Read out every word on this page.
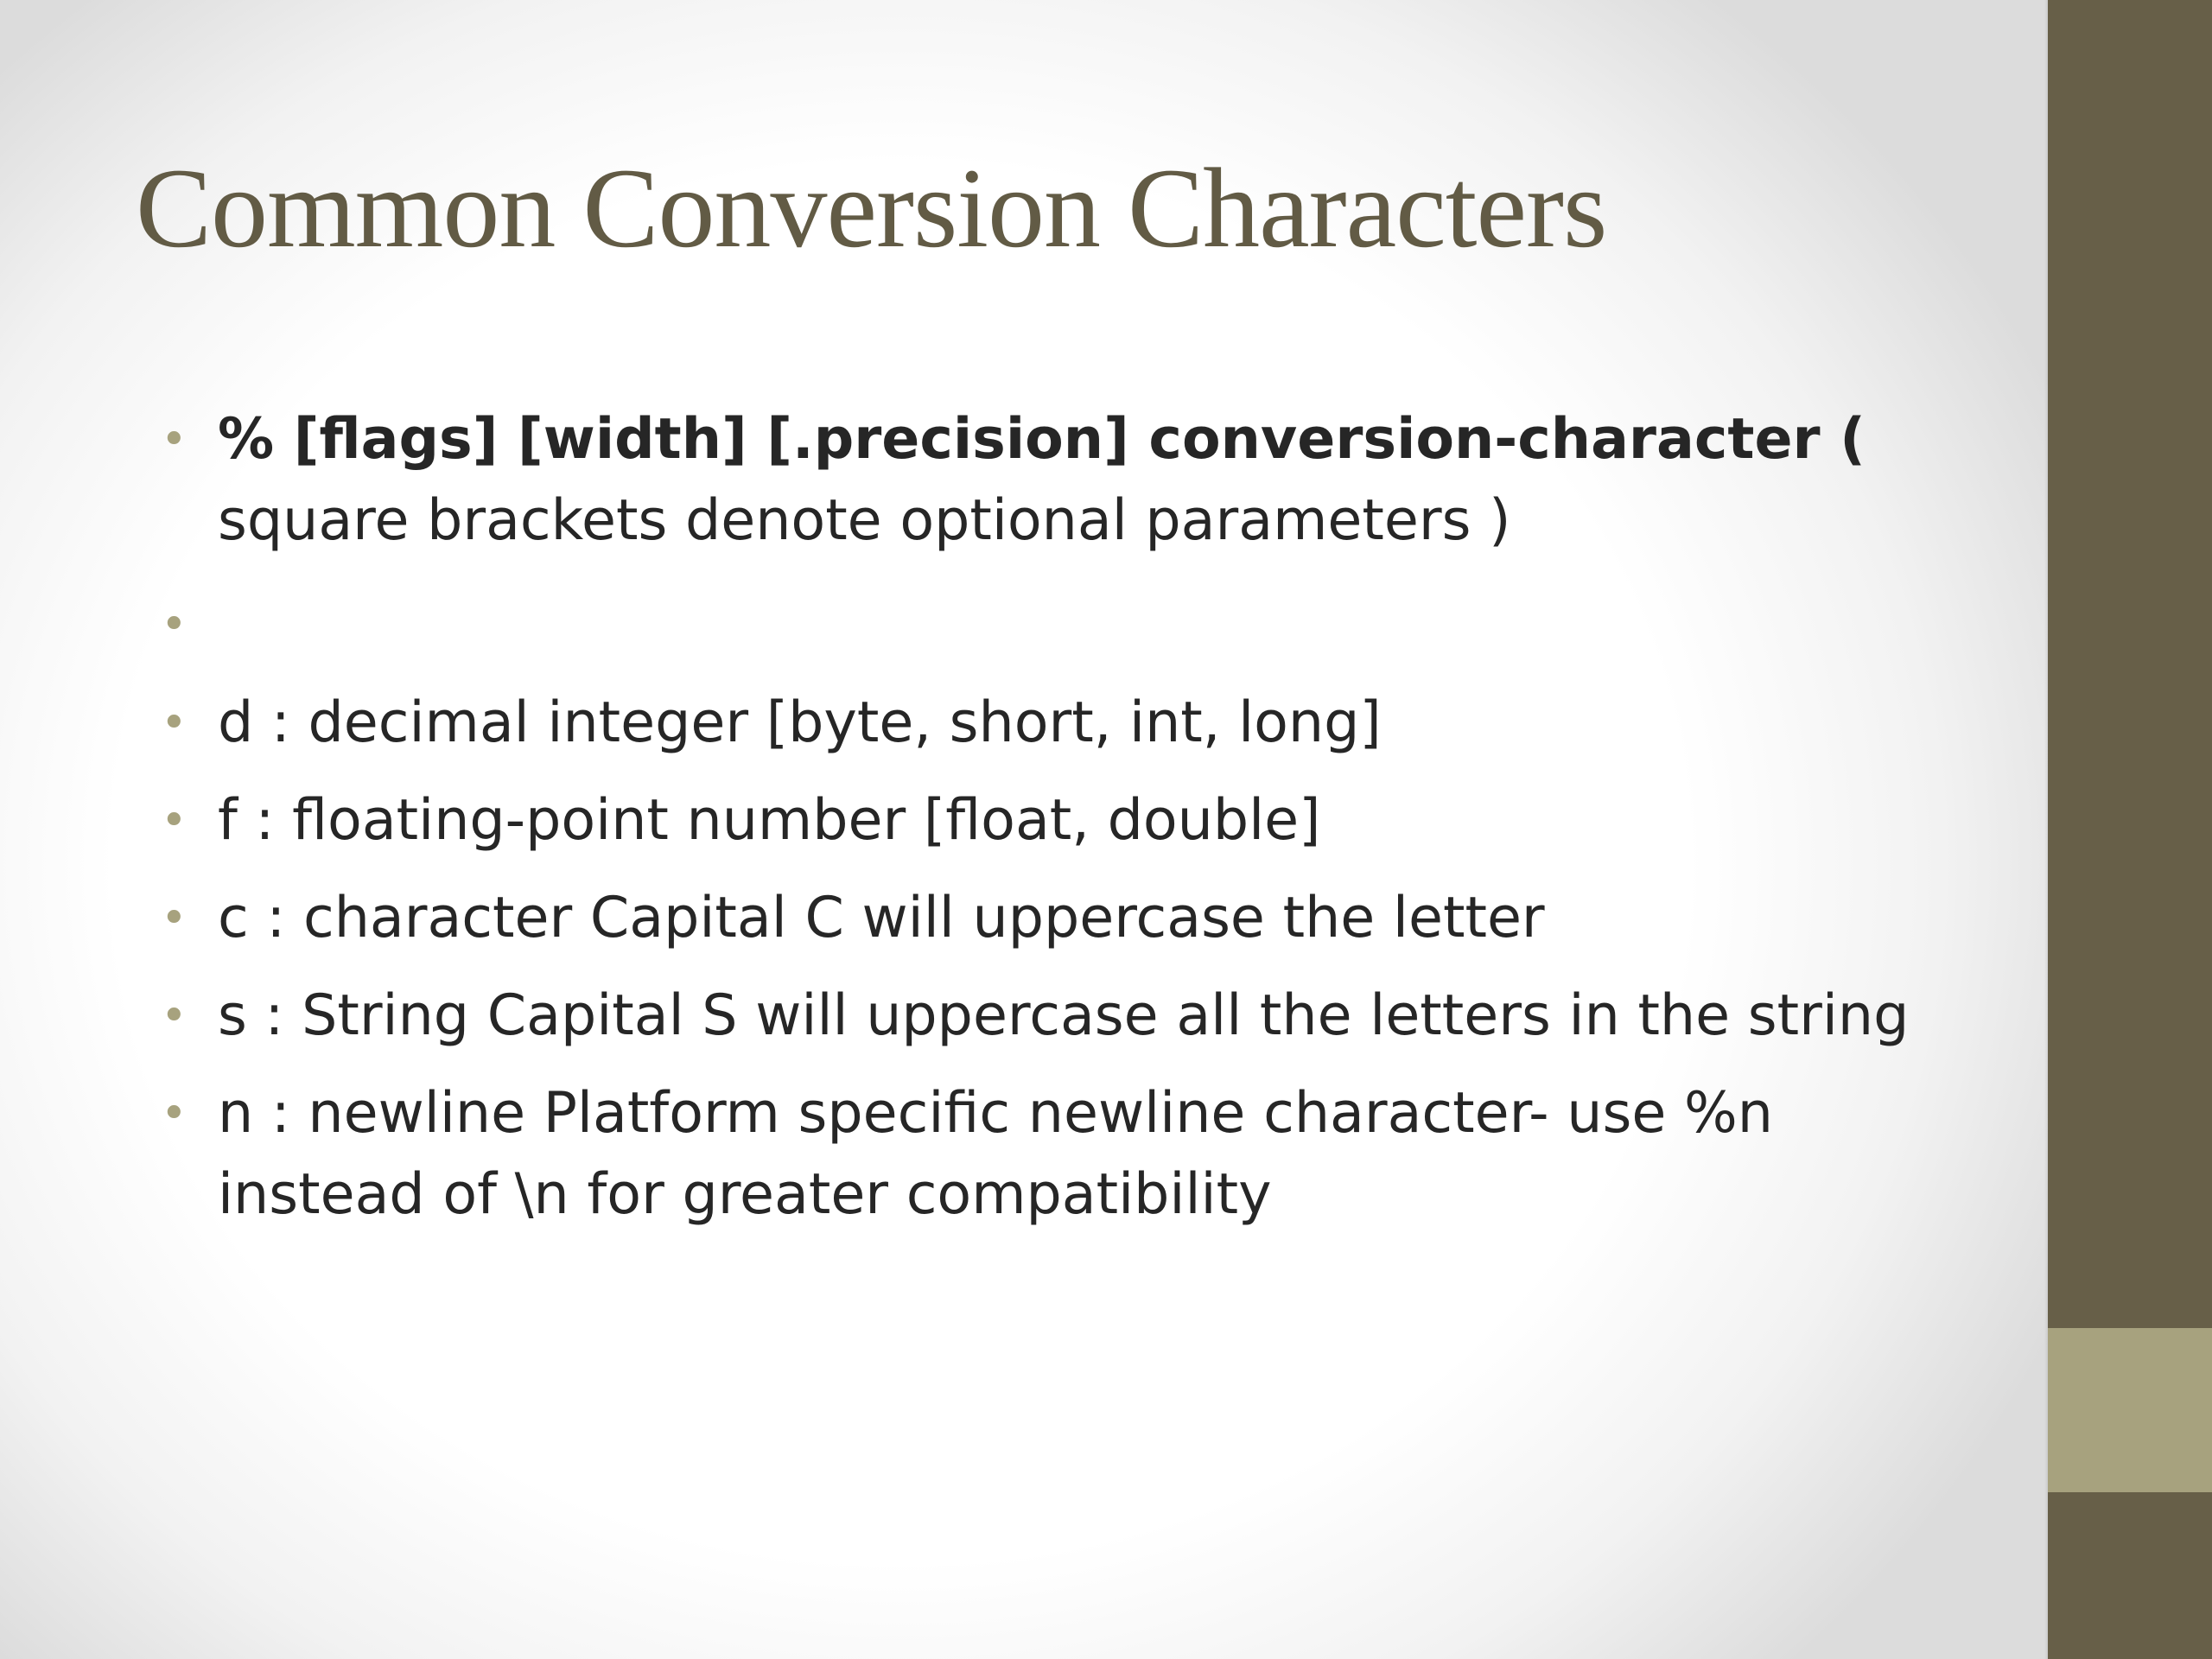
Common Conversion Characters
• % [flags] [width] [.precision] conversion-character ( square brackets denote optional parameters )
•
• d : decimal integer [byte, short, int, long]
• f : floating-point number [float, double]
• c : character Capital C will uppercase the letter
• s : String Capital S will uppercase all the letters in the string
• n : newline Platform specific newline character- use %n instead of \n for greater compatibility
